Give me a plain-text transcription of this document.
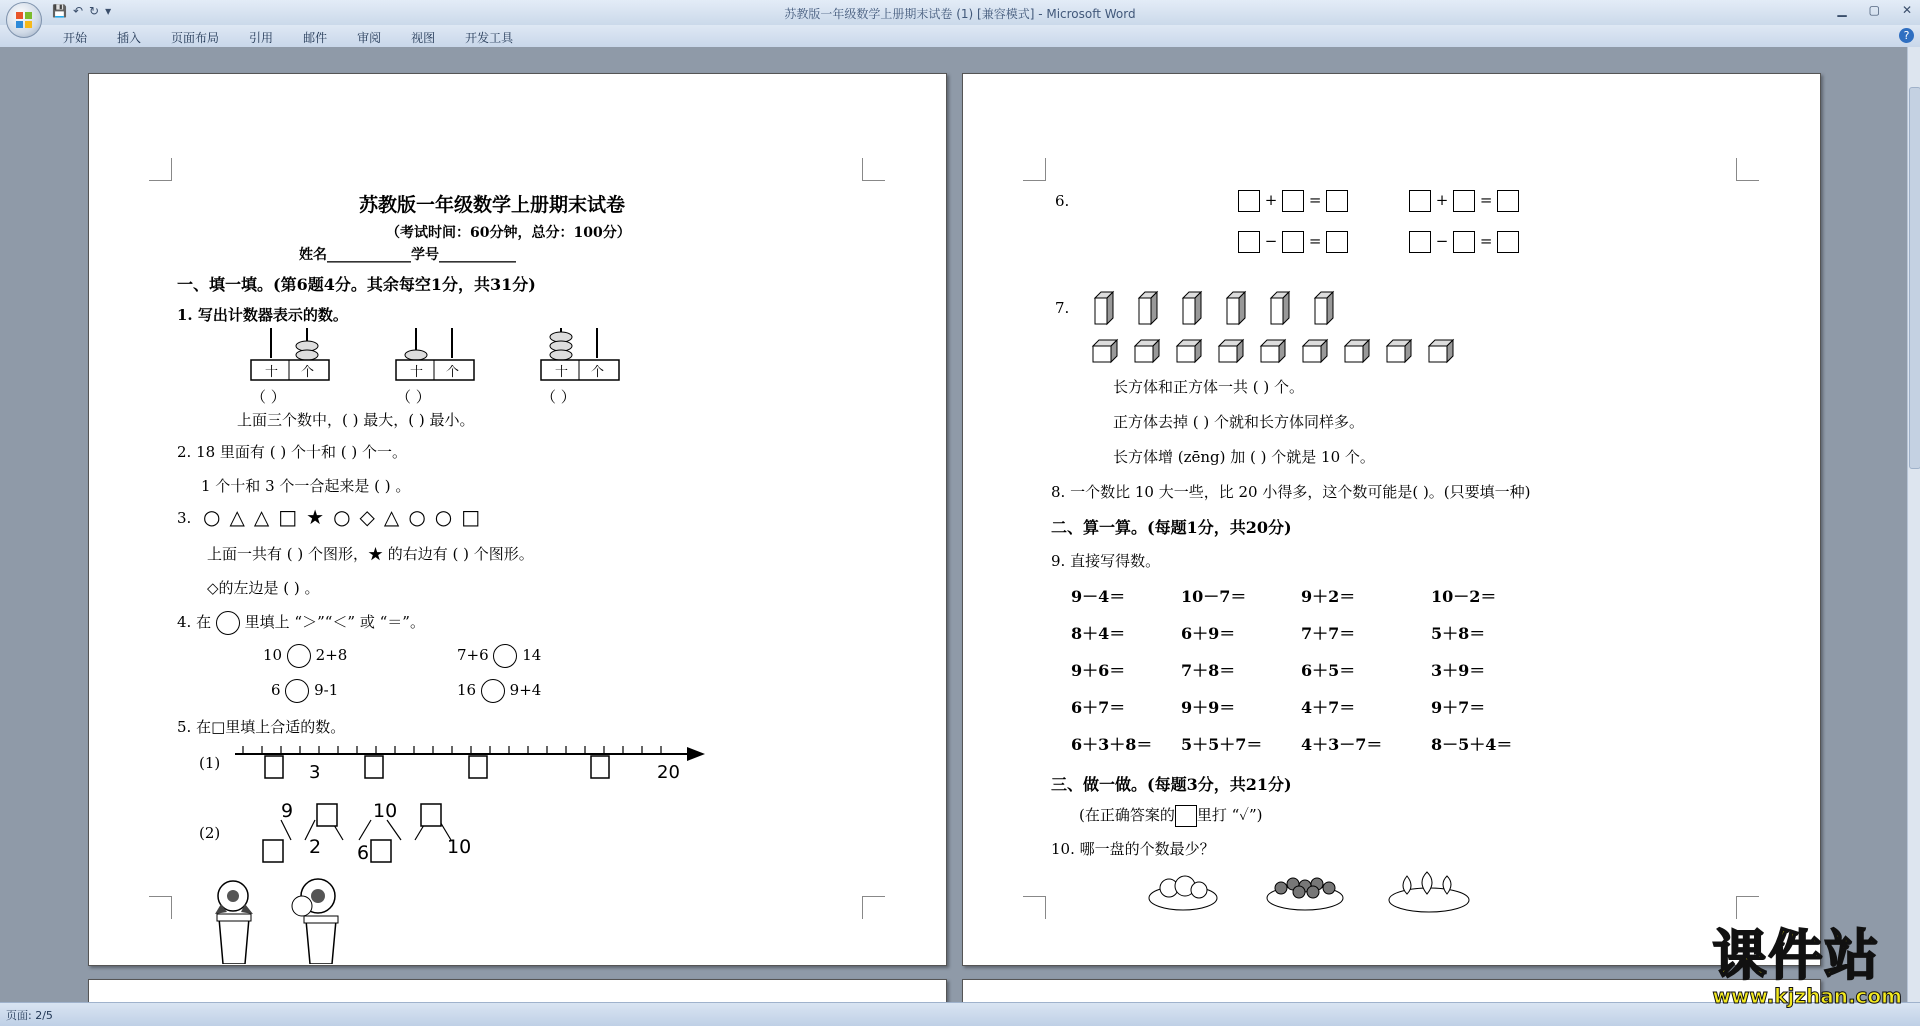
💾 ↶ ↻ ▾	苏教版一年级数学上册期末试卷 (1) [兼容模式] - Microsoft Word	▁ ▢ ✕
开始	插入	页面布局	引用	邮件	审阅	视图	开发工具	?
苏教版一年级数学上册期末试卷
（考试时间：60分钟，总分：100分）
姓名____________学号___________
一、填一填。(第6题4分。其余每空1分，共31分)
1. 写出计数器表示的数。
十 个	十 个	十 个
（ ）	（ ）	（ ）
上面三个数中，( ) 最大，( ) 最小。
2. 18 里面有 ( ) 个十和 ( ) 个一。
1 个十和 3 个一合起来是 ( ) 。
3. ○△△□★○◇△○○□
上面一共有 ( ) 个图形，★ 的右边有 ( ) 个图形。
◇的左边是 ( ) 。
4. 在 里填上 “＞”“＜” 或 “＝”。
10 2+8	7+6 14
6 9-1	16 9+4
5. 在□里填上合适的数。
(1)	3	20
(2)
9	10
2 6	10
6.	+ =	+ =
− =	− =
7.
长方体和正方体一共 ( ) 个。
正方体去掉 ( ) 个就和长方体同样多。
长方体增 (zēng) 加 ( ) 个就是 10 个。
8. 一个数比 10 大一些，比 20 小得多，这个数可能是( )。(只要填一种)
二、算一算。(每题1分，共20分)
9. 直接写得数。
9－4＝	10－7＝	9＋2＝	10－2＝
8＋4＝	6＋9＝	7＋7＝	5＋8＝
9＋6＝	7＋8＝	6＋5＝	3＋9＝
6＋7＝	9＋9＝	4＋7＝	9＋7＝
6＋3＋8＝ 5＋5＋7＝ 4＋3－7＝	8－5＋4＝
三、做一做。(每题3分，共21分)
(在正确答案的 里打 “✓”)
10. 哪一盘的个数最少？
页面: 2/5
课件站
www.kjzhan.com
